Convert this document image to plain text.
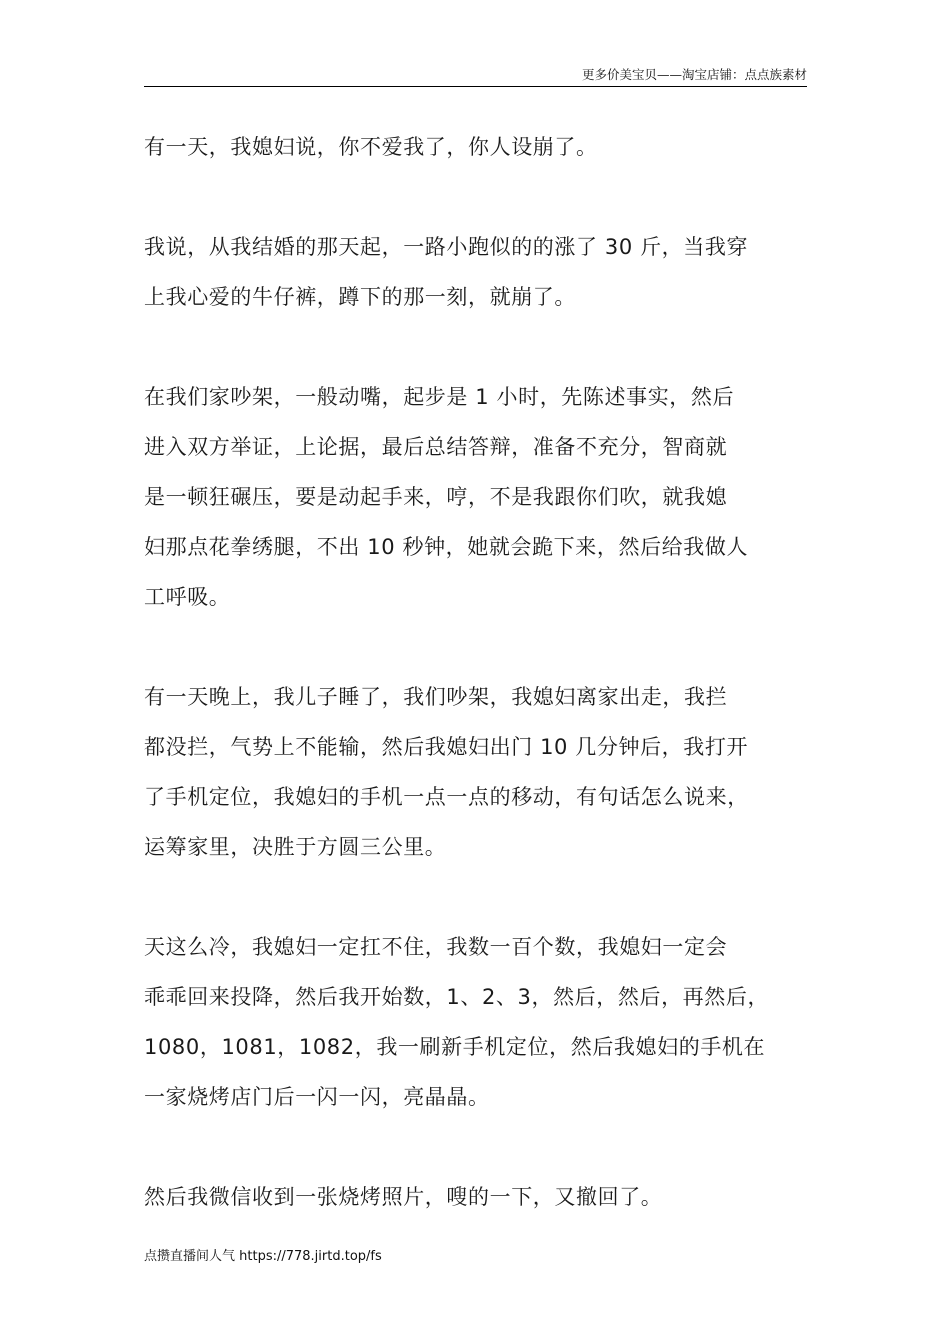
更多价美宝贝——淘宝店铺：点点族素材

有一天，我媳妇说，你不爱我了，你人设崩了。

我说，从我结婚的那天起，一路小跑似的的涨了 30 斤，当我穿
上我心爱的牛仔裤，蹲下的那一刻，就崩了。

在我们家吵架，一般动嘴，起步是 1 小时，先陈述事实，然后
进入双方举证，上论据，最后总结答辩，准备不充分，智商就
是一顿狂碾压，要是动起手来，哼，不是我跟你们吹，就我媳
妇那点花拳绣腿，不出 10 秒钟，她就会跪下来，然后给我做人
工呼吸。

有一天晚上，我儿子睡了，我们吵架，我媳妇离家出走，我拦
都没拦，气势上不能输，然后我媳妇出门 10 几分钟后，我打开
了手机定位，我媳妇的手机一点一点的移动，有句话怎么说来，
运筹家里，决胜于方圆三公里。

天这么冷，我媳妇一定扛不住，我数一百个数，我媳妇一定会
乖乖回来投降，然后我开始数，1、2、3，然后，然后，再然后，
1080，1081，1082，我一刷新手机定位，然后我媳妇的手机在
一家烧烤店门后一闪一闪，亮晶晶。

然后我微信收到一张烧烤照片，嗖的一下，又撤回了。

点攒直播间人气 https://778.jirtd.top/fs
